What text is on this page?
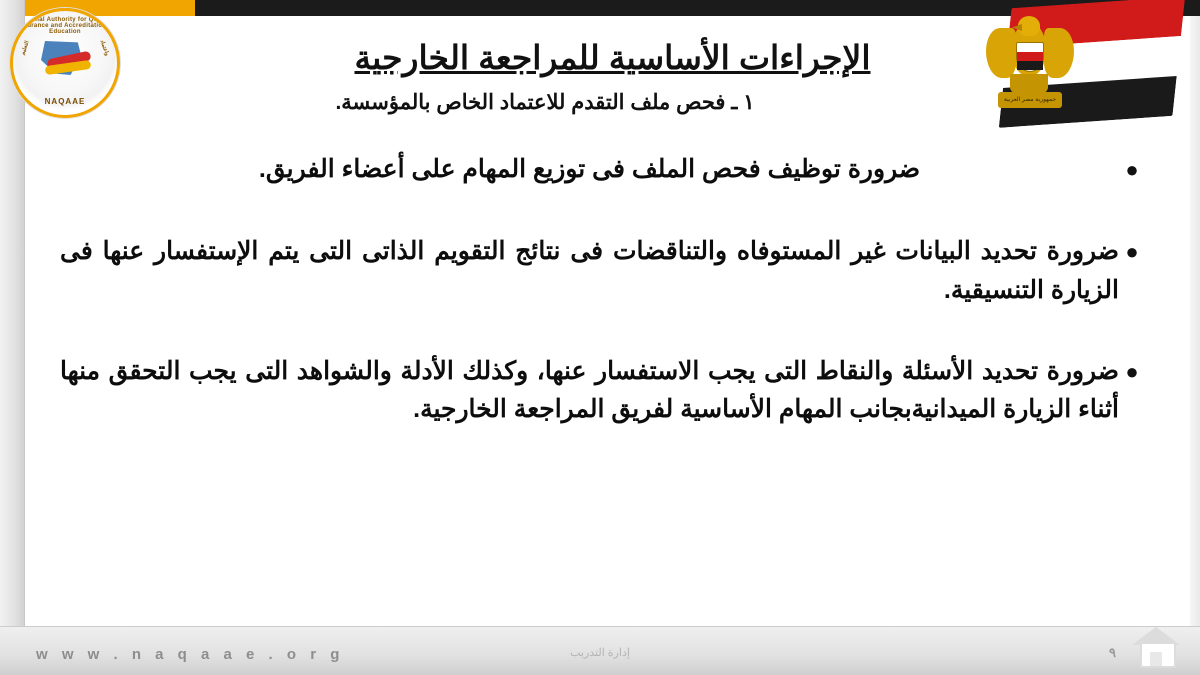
الإجراءات الأساسية للمراجعة الخارجية
١ ـ فحص ملف التقدم للاعتماد الخاص بالمؤسسة.
National Authority for Quality Assurance and Accreditation of Education
التعليم	واعتماد
NAQAAE	جمهورية مصر العربية
●
ضرورة توظيف فحص الملف فى توزيع المهام على أعضاء الفريق.
●
ضرورة تحديد البيانات غير المستوفاه والتناقضات فى نتائج التقويم الذاتى التى يتم الإستفسار عنها فى الزيارة التنسيقية.
●
ضرورة تحديد الأسئلة والنقاط التى يجب الاستفسار عنها، وكذلك الأدلة والشواهد التى يجب التحقق منها أثناء الزيارة الميدانيةبجانب المهام الأساسية لفريق المراجعة الخارجية.
w w w . n a q a a e . o r g	إدارة التدريب	٩
